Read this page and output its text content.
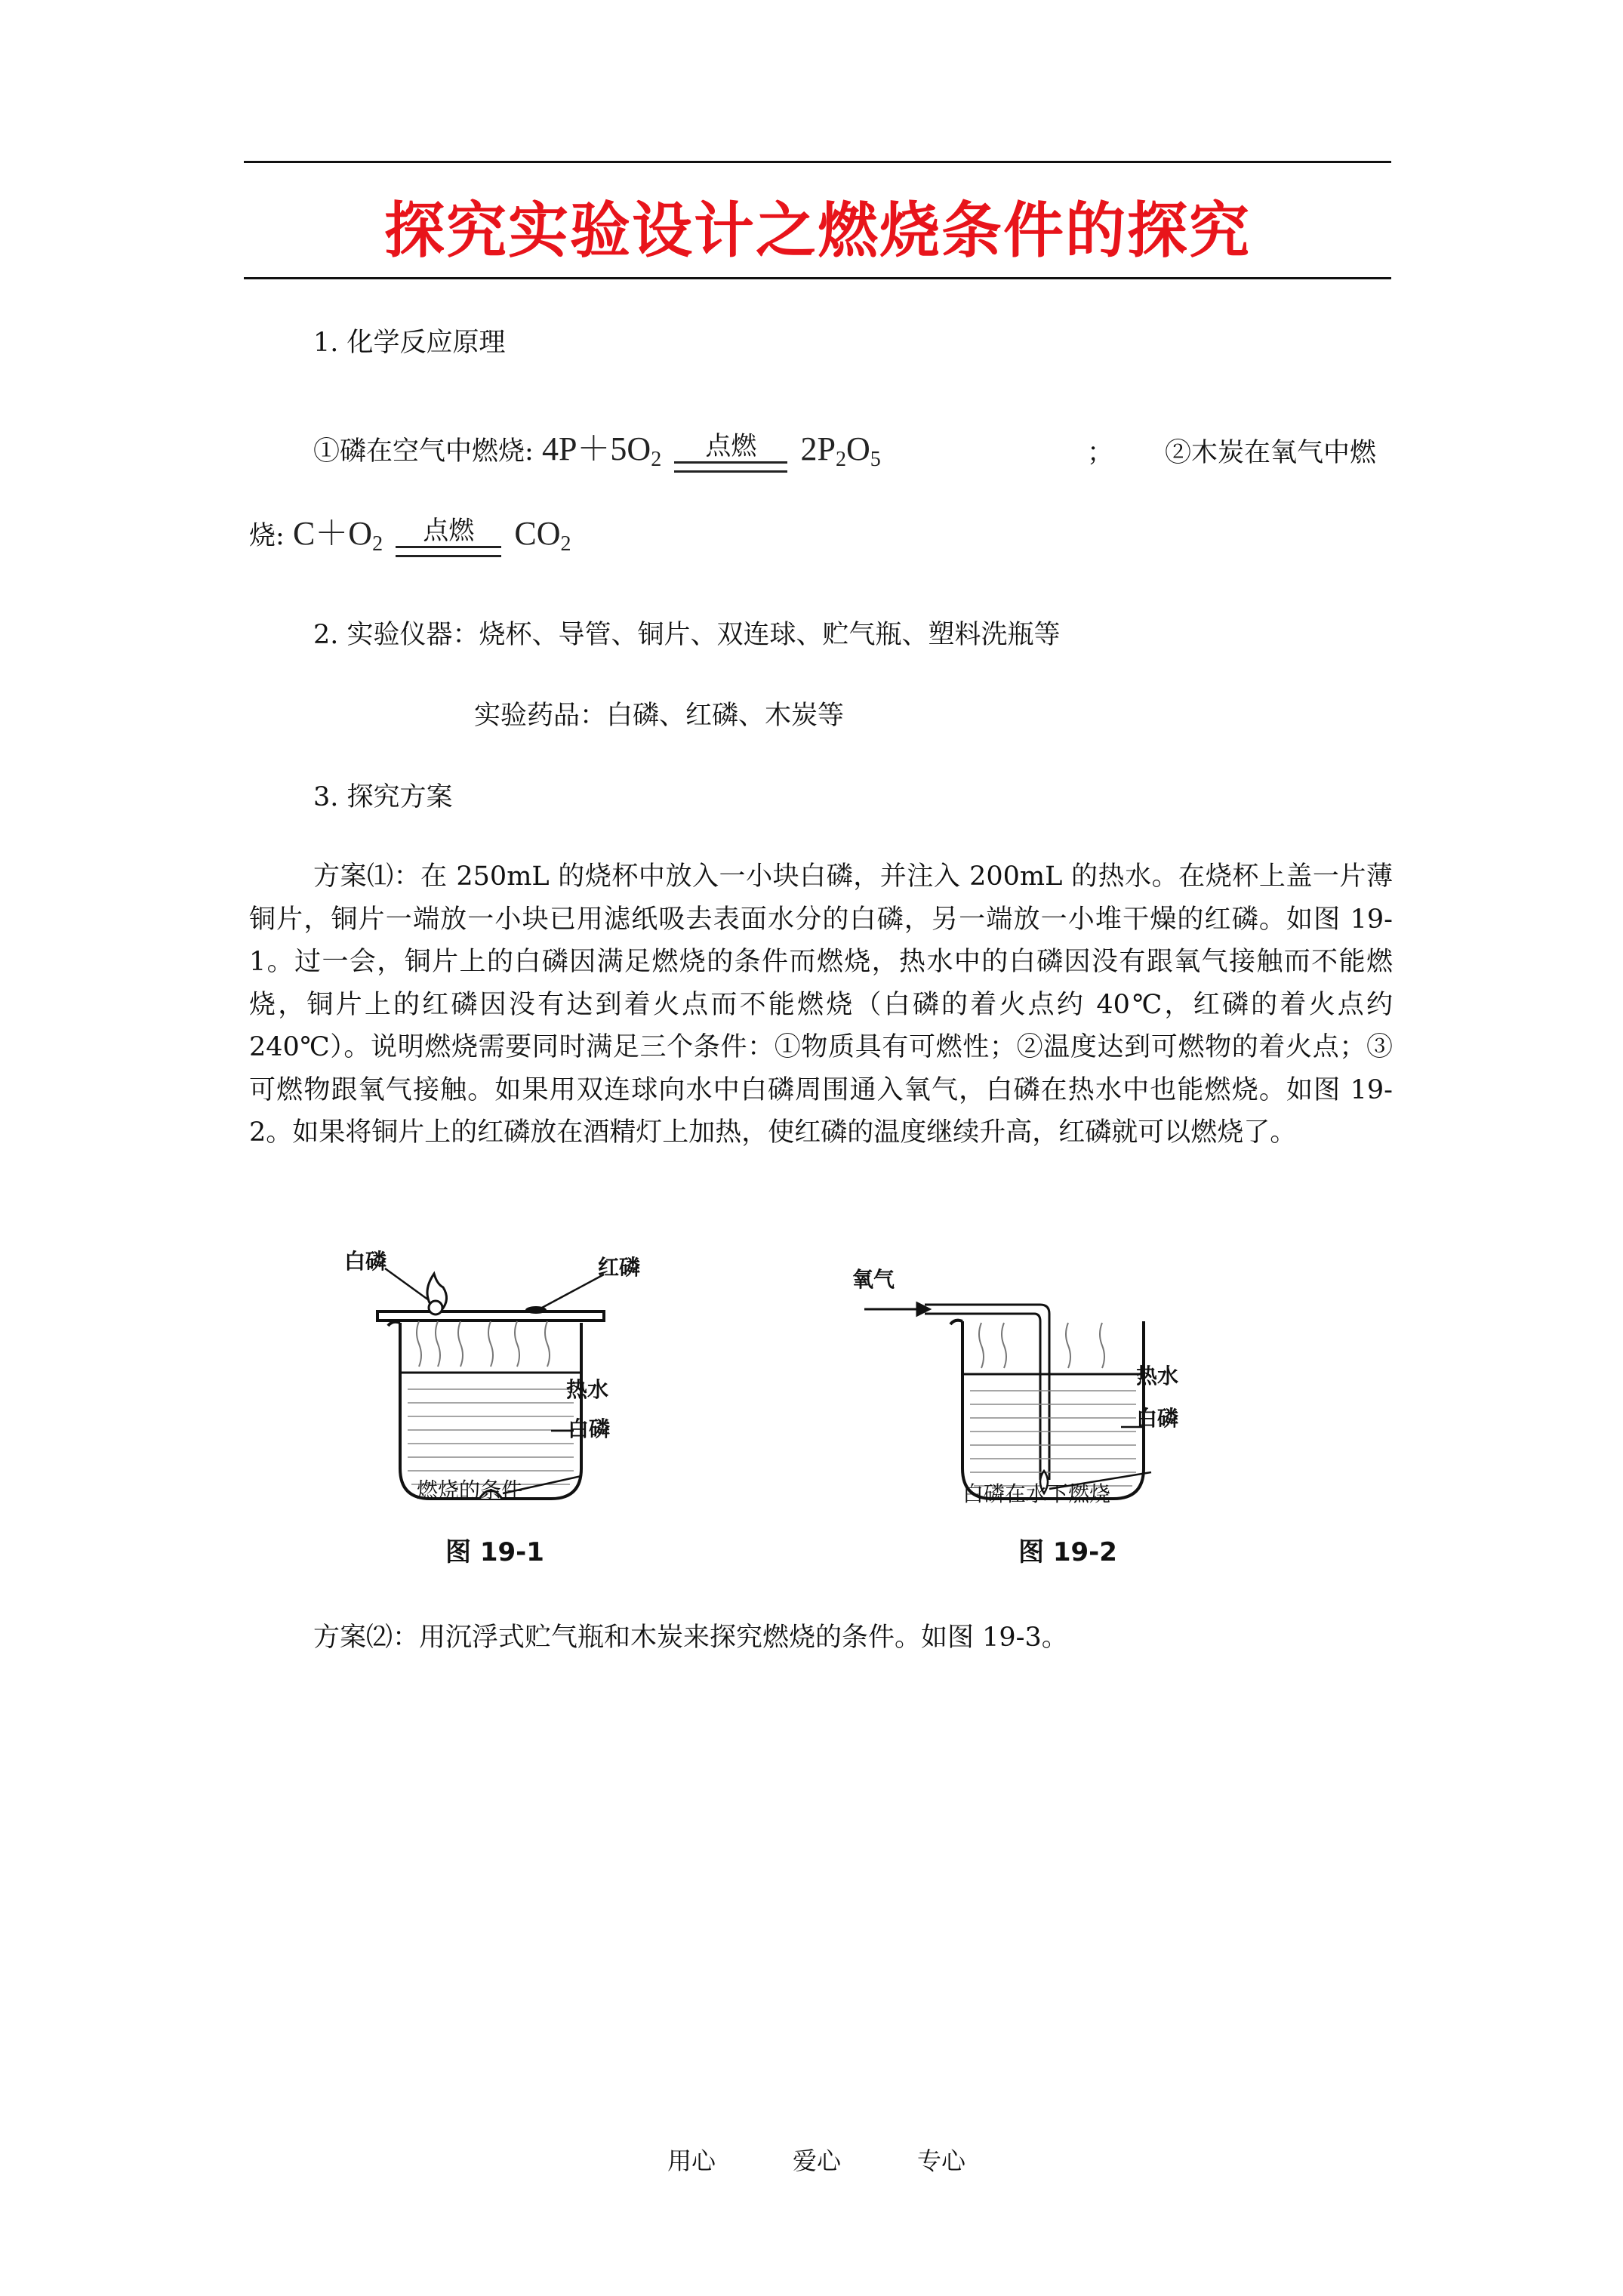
探究实验设计之燃烧条件的探究
1. 化学反应原理
①磷在空气中燃烧: $4P+5O_2$	点燃	$2P_2O_5$	； ②木炭在氧气中燃
烧: $C+O_2$	点燃	$CO_2$
2. 实验仪器：烧杯、导管、铜片、双连球、贮气瓶、塑料洗瓶等
实验药品：白磷、红磷、木炭等
3. 探究方案
方案⑴：在 250mL 的烧杯中放入一小块白磷，并注入 200mL 的热水。在烧杯上盖一片薄铜片，铜片一端放一小块已用滤纸吸去表面水分的白磷，另一端放一小堆干燥的红磷。如图 19-1。过一会，铜片上的白磷因满足燃烧的条件而燃烧，热水中的白磷因没有跟氧气接触而不能燃烧，铜片上的红磷因没有达到着火点而不能燃烧（白磷的着火点约 40℃，红磷的着火点约 240℃）。说明燃烧需要同时满足三个条件：①物质具有可燃性；②温度达到可燃物的着火点；③可燃物跟氧气接触。如果用双连球向水中白磷周围通入氧气，白磷在热水中也能燃烧。如图 19-2。如果将铜片上的红磷放在酒精灯上加热，使红磷的温度继续升高，红磷就可以燃烧了。
白磷	红磷
热水
白磷
燃烧的条件
图 19-1
氧气
热水
白磷
白磷在水下燃烧
图 19-2
方案⑵：用沉浮式贮气瓶和木炭来探究燃烧的条件。如图 19-3。
用心	爱心	专心
